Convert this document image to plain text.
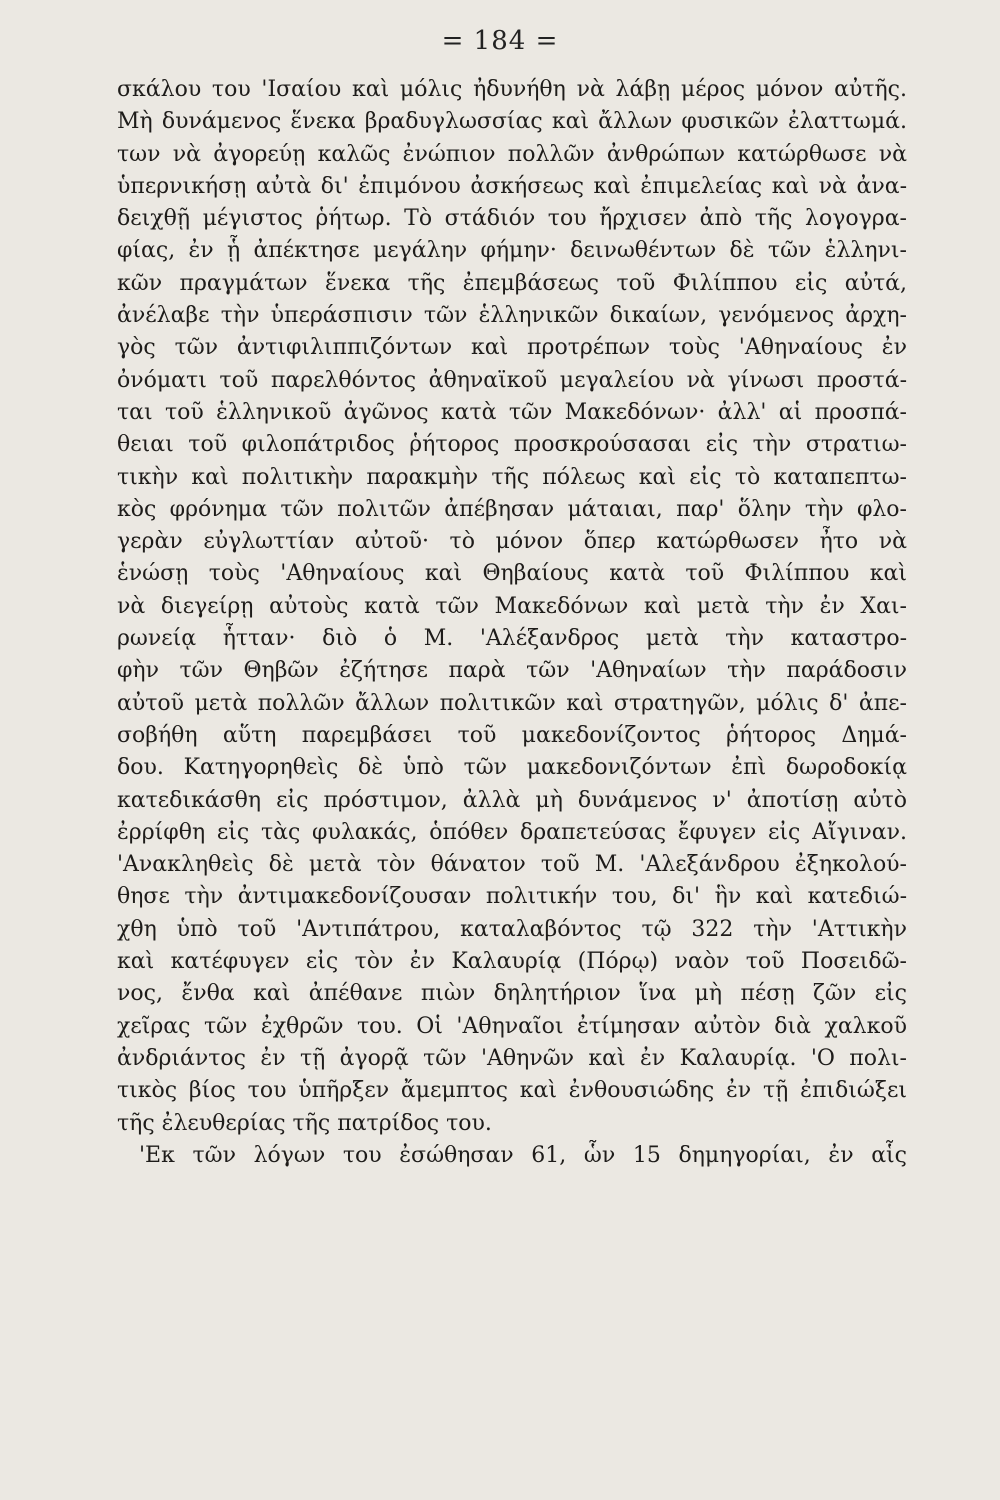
= 184 =
σκάλου του 'Ισαίου καὶ μόλις ἠδυνήθη νὰ λάβῃ μέρος μόνον αὐτῆς.
Μὴ δυνάμενος ἕνεκα βραδυγλωσσίας καὶ ἄλλων φυσικῶν ἐλαττωμά.
των νὰ ἀγορεύῃ καλῶς ἐνώπιον πολλῶν ἀνθρώπων κατώρθωσε νὰ
ὑπερνικήσῃ αὐτὰ δι' ἐπιμόνου ἀσκήσεως καὶ ἐπιμελείας καὶ νὰ ἀνα-
δειχθῇ μέγιστος ῥήτωρ. Τὸ στάδιόν του ἤρχισεν ἀπὸ τῆς λογογρα-
φίας, ἐν ᾗ ἀπέκτησε μεγάλην φήμην· δεινωθέντων δὲ τῶν ἑλληνι-
κῶν πραγμάτων ἕνεκα τῆς ἐπεμβάσεως τοῦ Φιλίππου εἰς αὐτά,
ἀνέλαβε τὴν ὑπεράσπισιν τῶν ἑλληνικῶν δικαίων, γενόμενος ἀρχη-
γὸς τῶν ἀντιφιλιππιζόντων καὶ προτρέπων τοὺς 'Αθηναίους ἐν
ὀνόματι τοῦ παρελθόντος ἀθηναϊκοῦ μεγαλείου νὰ γίνωσι προστά-
ται τοῦ ἑλληνικοῦ ἀγῶνος κατὰ τῶν Μακεδόνων· ἀλλ' αἱ προσπά-
θειαι τοῦ φιλοπάτριδος ῥήτορος προσκρούσασαι εἰς τὴν στρατιω-
τικὴν καὶ πολιτικὴν παρακμὴν τῆς πόλεως καὶ εἰς τὸ καταπεπτω-
κὸς φρόνημα τῶν πολιτῶν ἀπέβησαν μάταιαι, παρ' ὅλην τὴν φλο-
γερὰν εὐγλωττίαν αὐτοῦ· τὸ μόνον ὅπερ κατώρθωσεν ἦτο νὰ
ἑνώσῃ τοὺς 'Αθηναίους καὶ Θηβαίους κατὰ τοῦ Φιλίππου καὶ
νὰ διεγείρῃ αὐτοὺς κατὰ τῶν Μακεδόνων καὶ μετὰ τὴν ἐν Χαι-
ρωνείᾳ ἧτταν· διὸ ὁ Μ. 'Αλέξανδρος μετὰ τὴν καταστρο-
φὴν τῶν Θηβῶν ἐζήτησε παρὰ τῶν 'Αθηναίων τὴν παράδοσιν
αὐτοῦ μετὰ πολλῶν ἄλλων πολιτικῶν καὶ στρατηγῶν, μόλις δ' ἀπε-
σοβήθη αὕτη παρεμβάσει τοῦ μακεδονίζοντος ῥήτορος Δημά-
δου. Κατηγορηθεὶς δὲ ὑπὸ τῶν μακεδονιζόντων ἐπὶ δωροδοκίᾳ
κατεδικάσθη εἰς πρόστιμον, ἀλλὰ μὴ δυνάμενος ν' ἀποτίσῃ αὐτὸ
ἐρρίφθη εἰς τὰς φυλακάς, ὁπόθεν δραπετεύσας ἔφυγεν εἰς Αἴγιναν.
'Ανακληθεὶς δὲ μετὰ τὸν θάνατον τοῦ Μ. 'Αλεξάνδρου ἐξηκολού-
θησε τὴν ἀντιμακεδονίζουσαν πολιτικήν του, δι' ἣν καὶ κατεδιώ-
χθη ὑπὸ τοῦ 'Αντιπάτρου, καταλαβόντος τῷ 322 τὴν 'Αττικὴν
καὶ κατέφυγεν εἰς τὸν ἐν Καλαυρίᾳ (Πόρῳ) ναὸν τοῦ Ποσειδῶ-
νος, ἔνθα καὶ ἀπέθανε πιὼν δηλητήριον ἵνα μὴ πέσῃ ζῶν εἰς
χεῖρας τῶν ἐχθρῶν του. Οἱ 'Αθηναῖοι ἐτίμησαν αὐτὸν διὰ χαλκοῦ
ἀνδριάντος ἐν τῇ ἀγορᾷ τῶν 'Αθηνῶν καὶ ἐν Καλαυρίᾳ. 'Ο πολι-
τικὸς βίος του ὑπῆρξεν ἄμεμπτος καὶ ἐνθουσιώδης ἐν τῇ ἐπιδιώξει
τῆς ἐλευθερίας τῆς πατρίδος του.
'Εκ τῶν λόγων του ἐσώθησαν 61, ὧν 15 δημηγορίαι, ἐν αἷς
